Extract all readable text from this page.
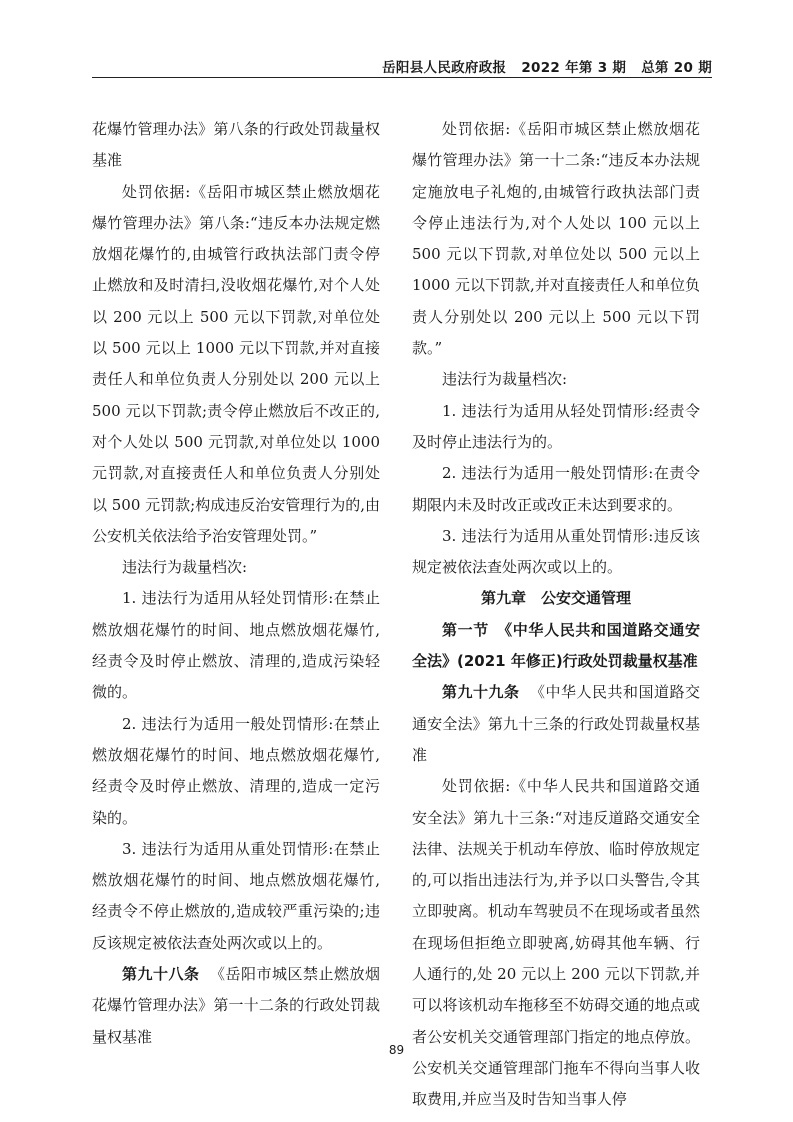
岳阳县人民政府政报 2022 年第 3 期 总第 20 期

花爆竹管理办法》第八条的行政处罚裁量权基准

处罚依据:《岳阳市城区禁止燃放烟花爆竹管理办法》第八条:“违反本办法规定燃放烟花爆竹的,由城管行政执法部门责令停止燃放和及时清扫,没收烟花爆竹,对个人处以 200 元以上 500 元以下罚款,对单位处以 500 元以上 1000 元以下罚款,并对直接责任人和单位负责人分别处以 200 元以上 500 元以下罚款;责令停止燃放后不改正的,对个人处以 500 元罚款,对单位处以 1000 元罚款,对直接责任人和单位负责人分别处以 500 元罚款;构成违反治安管理行为的,由公安机关依法给予治安管理处罚。”

违法行为裁量档次:

1. 违法行为适用从轻处罚情形:在禁止燃放烟花爆竹的时间、地点燃放烟花爆竹,经责令及时停止燃放、清理的,造成污染轻微的。

2. 违法行为适用一般处罚情形:在禁止燃放烟花爆竹的时间、地点燃放烟花爆竹,经责令及时停止燃放、清理的,造成一定污染的。

3. 违法行为适用从重处罚情形:在禁止燃放烟花爆竹的时间、地点燃放烟花爆竹,经责令不停止燃放的,造成较严重污染的;违反该规定被依法查处两次或以上的。

第九十八条 《岳阳市城区禁止燃放烟花爆竹管理办法》第一十二条的行政处罚裁量权基准

处罚依据:《岳阳市城区禁止燃放烟花爆竹管理办法》第一十二条:“违反本办法规定施放电子礼炮的,由城管行政执法部门责令停止违法行为,对个人处以 100 元以上 500 元以下罚款,对单位处以 500 元以上 1000 元以下罚款,并对直接责任人和单位负责人分别处以 200 元以上 500 元以下罚款。”

违法行为裁量档次:

1. 违法行为适用从轻处罚情形:经责令及时停止违法行为的。

2. 违法行为适用一般处罚情形:在责令期限内未及时改正或改正未达到要求的。

3. 违法行为适用从重处罚情形:违反该规定被依法查处两次或以上的。

第九章　公安交通管理

第一节　《中华人民共和国道路交通安全法》(2021 年修正)行政处罚裁量权基准

第九十九条 《中华人民共和国道路交通安全法》第九十三条的行政处罚裁量权基准

处罚依据:《中华人民共和国道路交通安全法》第九十三条:“对违反道路交通安全法律、法规关于机动车停放、临时停放规定的,可以指出违法行为,并予以口头警告,令其立即驶离。机动车驾驶员不在现场或者虽然在现场但拒绝立即驶离,妨碍其他车辆、行人通行的,处 20 元以上 200 元以下罚款,并可以将该机动车拖移至不妨碍交通的地点或者公安机关交通管理部门指定的地点停放。公安机关交通管理部门拖车不得向当事人收取费用,并应当及时告知当事人停

89
